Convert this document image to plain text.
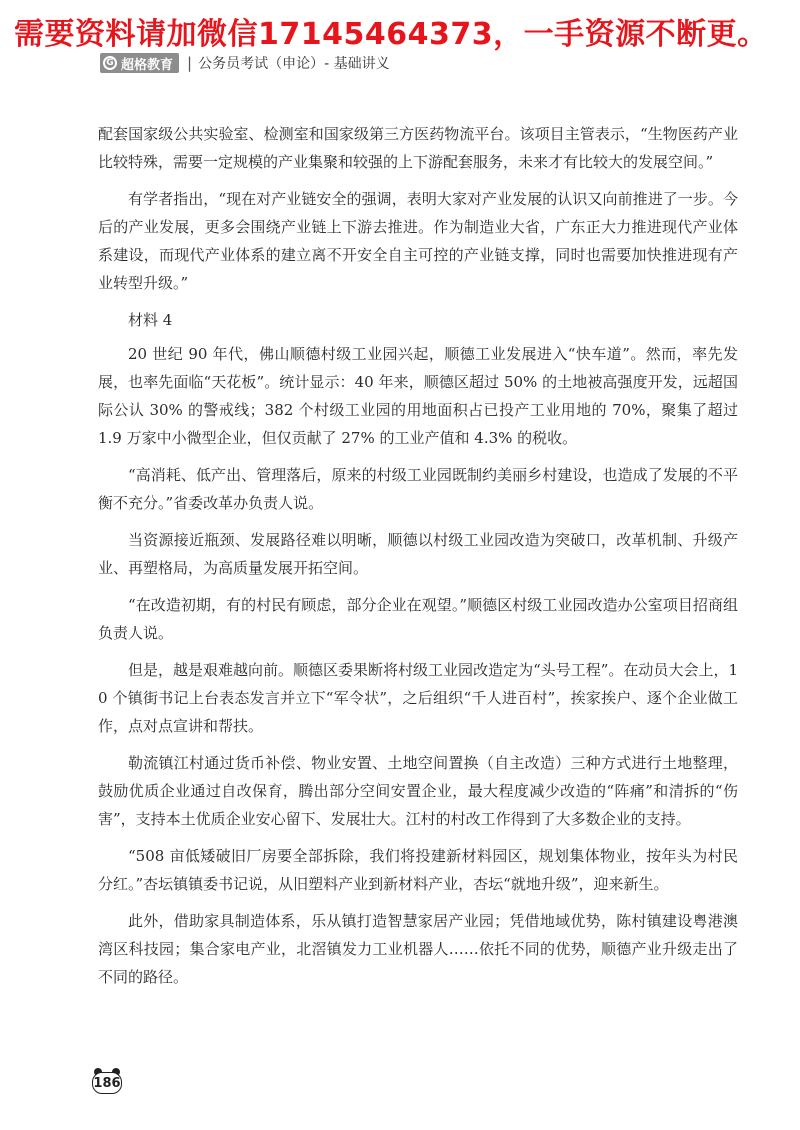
需要资料请加微信17145464373，一手资源不断更。
G 超格教育 | 公务员考试（申论）- 基础讲义

配套国家级公共实验室、检测室和国家级第三方医药物流平台。该项目主管表示，“生物医药产业比较特殊，需要一定规模的产业集聚和较强的上下游配套服务，未来才有比较大的发展空间。”

有学者指出，“现在对产业链安全的强调，表明大家对产业发展的认识又向前推进了一步。今后的产业发展，更多会围绕产业链上下游去推进。作为制造业大省，广东正大力推进现代产业体系建设，而现代产业体系的建立离不开安全自主可控的产业链支撑，同时也需要加快推进现有产业转型升级。”

材料 4

20 世纪 90 年代，佛山顺德村级工业园兴起，顺德工业发展进入“快车道”。然而，率先发展，也率先面临“天花板”。统计显示：40 年来，顺德区超过 50% 的土地被高强度开发，远超国际公认 30% 的警戒线；382 个村级工业园的用地面积占已投产工业用地的 70%，聚集了超过 1.9 万家中小微型企业，但仅贡献了 27% 的工业产值和 4.3% 的税收。

“高消耗、低产出、管理落后，原来的村级工业园既制约美丽乡村建设，也造成了发展的不平衡不充分。”省委改革办负责人说。

当资源接近瓶颈、发展路径难以明晰，顺德以村级工业园改造为突破口，改革机制、升级产业、再塑格局，为高质量发展开拓空间。

“在改造初期，有的村民有顾虑，部分企业在观望。”顺德区村级工业园改造办公室项目招商组负责人说。

但是，越是艰难越向前。顺德区委果断将村级工业园改造定为“头号工程”。在动员大会上，10 个镇街书记上台表态发言并立下“军令状”，之后组织“千人进百村”，挨家挨户、逐个企业做工作，点对点宣讲和帮扶。

勒流镇江村通过货币补偿、物业安置、土地空间置换（自主改造）三种方式进行土地整理，鼓励优质企业通过自改保育，腾出部分空间安置企业，最大程度减少改造的“阵痛”和清拆的“伤害”，支持本土优质企业安心留下、发展壮大。江村的村改工作得到了大多数企业的支持。

“508 亩低矮破旧厂房要全部拆除，我们将投建新材料园区，规划集体物业，按年头为村民分红。”杏坛镇镇委书记说，从旧塑料产业到新材料产业，杏坛“就地升级”，迎来新生。

此外，借助家具制造体系，乐从镇打造智慧家居产业园；凭借地域优势，陈村镇建设粤港澳湾区科技园；集合家电产业，北滘镇发力工业机器人……依托不同的优势，顺德产业升级走出了不同的路径。

186
